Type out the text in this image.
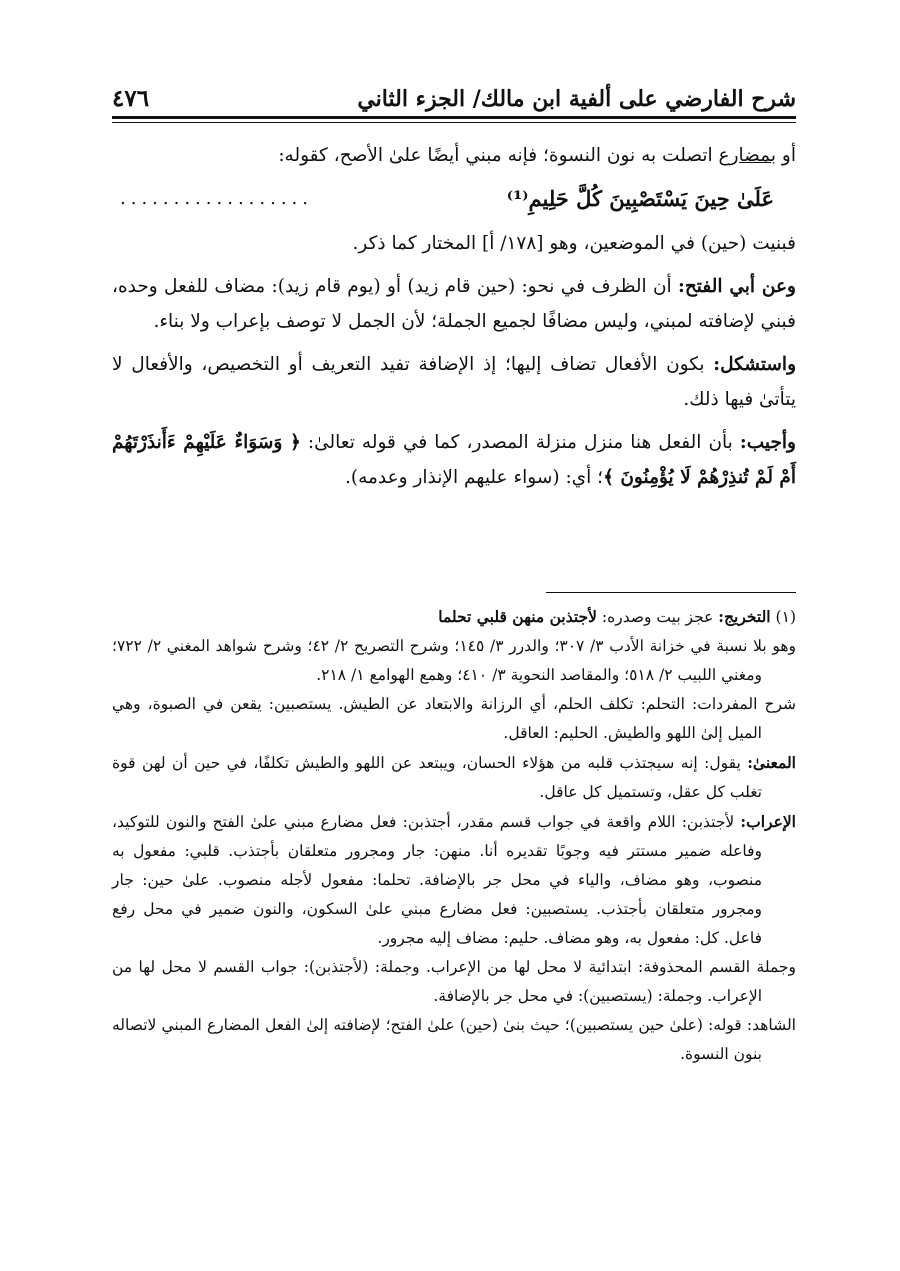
شرح الفارضي على ألفية ابن مالك/ الجزء الثاني
٤٧٦

أو بمضارع اتصلت به نون النسوة؛ فإنه مبني أيضًا علىٰ الأصح، كقوله:

عَلَىٰ حِينَ يَسْتَصْبِينَ كُلَّ حَلِيمِ⁽¹⁾
..................

فبنيت (حين) في الموضعين، وهو [١٧٨/ أ] المختار كما ذكر.

وعن أبي الفتح: أن الظرف في نحو: (حين قام زيد) أو (يوم قام زيد): مضاف للفعل وحده، فبني لإضافته لمبني، وليس مضافًا لجميع الجملة؛ لأن الجمل لا توصف بإعراب ولا بناء.

واستشكل: بكون الأفعال تضاف إليها؛ إذ الإضافة تفيد التعريف أو التخصيص، والأفعال لا يتأتىٰ فيها ذلك.

وأجيب: بأن الفعل هنا منزل منزلة المصدر، كما في قوله تعالىٰ: ﴿ وَسَوَاءٌ عَلَيْهِمْ ءَأَنذَرْتَهُمْ أَمْ لَمْ تُنذِرْهُمْ لَا يُؤْمِنُونَ ﴾؛ أي: (سواء عليهم الإنذار وعدمه).

(١) التخريج: عجز بيت وصدره: لأجتذبن منهن قلبي تحلما
وهو بلا نسبة في خزانة الأدب ٣/ ٣٠٧؛ والدرر ٣/ ١٤٥؛ وشرح التصريح ٢/ ٤٢؛ وشرح شواهد المغني ٢/ ٧٢٢؛ ومغني اللبيب ٢/ ٥١٨؛ والمقاصد النحوية ٣/ ٤١٠؛ وهمع الهوامع ١/ ٢١٨.
شرح المفردات: التحلم: تكلف الحلم، أي الرزانة والابتعاد عن الطيش. يستصبين: يقعن في الصبوة، وهي الميل إلىٰ اللهو والطيش. الحليم: العاقل.
المعنىٰ: يقول: إنه سيجتذب قلبه من هؤلاء الحسان، ويبتعد عن اللهو والطيش تكلفًا، في حين أن لهن قوة تغلب كل عقل، وتستميل كل عاقل.
الإعراب: لأجتذبن: اللام واقعة في جواب قسم مقدر، أجتذبن: فعل مضارع مبني علىٰ الفتح والنون للتوكيد، وفاعله ضمير مستتر فيه وجوبًا تقديره أنا. منهن: جار ومجرور متعلقان بأجتذب. قلبي: مفعول به منصوب، وهو مضاف، والياء في محل جر بالإضافة. تحلما: مفعول لأجله منصوب. علىٰ حين: جار ومجرور متعلقان بأجتذب. يستصبين: فعل مضارع مبني علىٰ السكون، والنون ضمير في محل رفع فاعل. كل: مفعول به، وهو مضاف. حليم: مضاف إليه مجرور.
وجملة القسم المحذوفة: ابتدائية لا محل لها من الإعراب. وجملة: (لأجتذبن): جواب القسم لا محل لها من الإعراب. وجملة: (يستصبين): في محل جر بالإضافة.
الشاهد: قوله: (علىٰ حين يستصبين)؛ حيث بنىٰ (حين) علىٰ الفتح؛ لإضافته إلىٰ الفعل المضارع المبني لاتصاله بنون النسوة.
